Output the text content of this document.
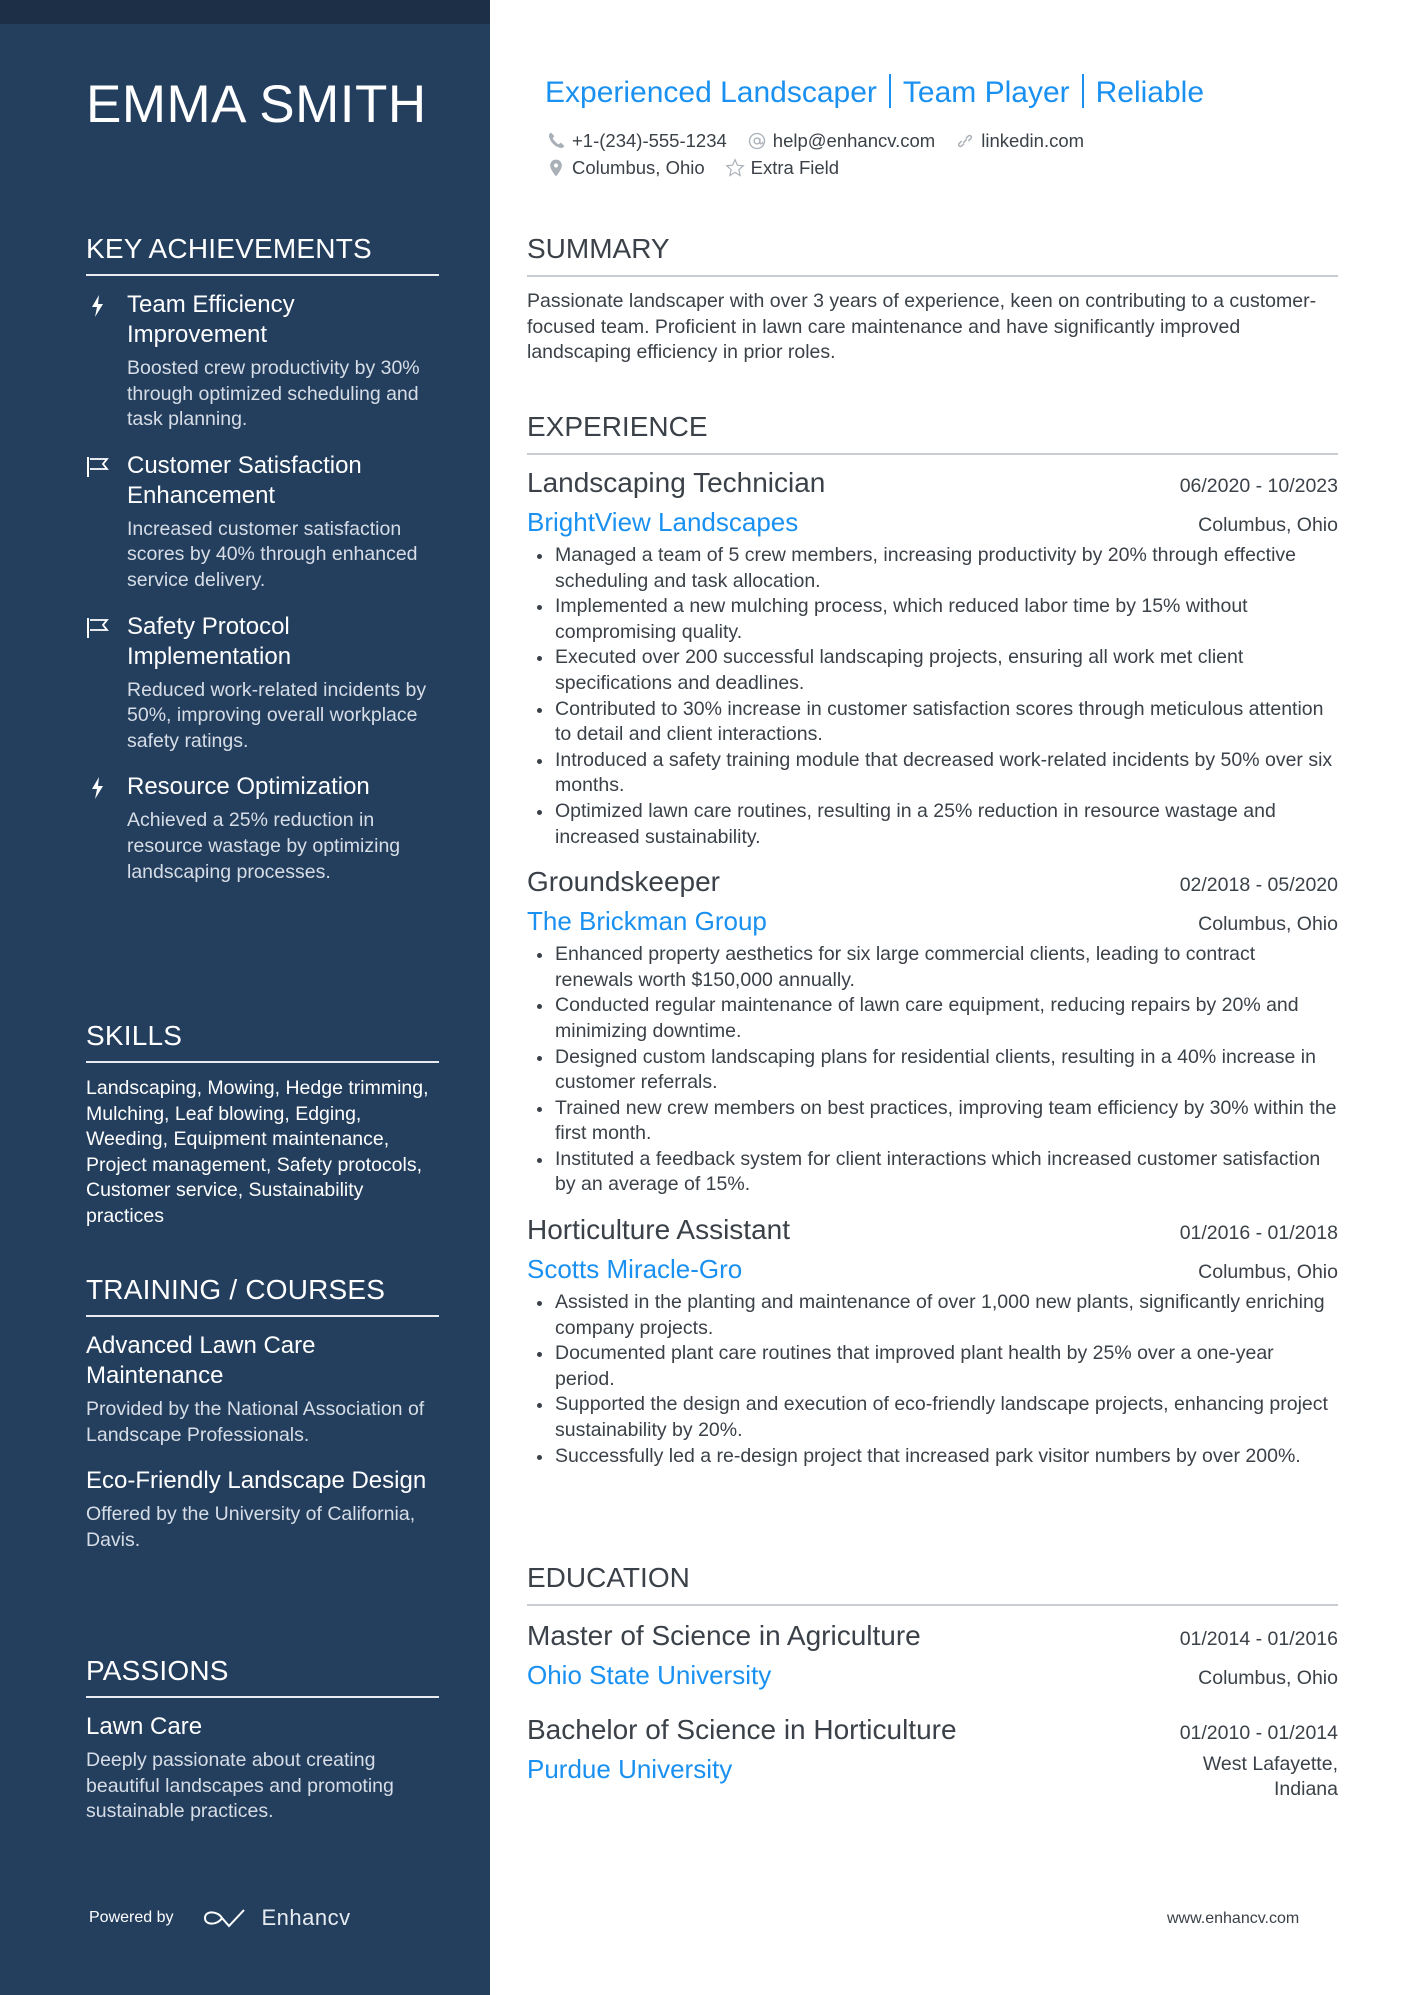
EMMA SMITH
KEY ACHIEVEMENTS
Team Efficiency Improvement
Boosted crew productivity by 30% through optimized scheduling and task planning.
Customer Satisfaction Enhancement
Increased customer satisfaction scores by 40% through enhanced service delivery.
Safety Protocol Implementation
Reduced work-related incidents by 50%, improving overall workplace safety ratings.
Resource Optimization
Achieved a 25% reduction in resource wastage by optimizing landscaping processes.
SKILLS
Landscaping, Mowing, Hedge trimming, Mulching, Leaf blowing, Edging, Weeding, Equipment maintenance, Project management, Safety protocols, Customer service, Sustainability practices
TRAINING / COURSES
Advanced Lawn Care Maintenance
Provided by the National Association of Landscape Professionals.
Eco-Friendly Landscape Design
Offered by the University of California, Davis.
PASSIONS
Lawn Care
Deeply passionate about creating beautiful landscapes and promoting sustainable practices.
Powered by	Enhancv
Experienced Landscaper Team Player Reliable
+1-(234)-555-1234 help@enhancv.com linkedin.com
Columbus, Ohio Extra Field
SUMMARY
Passionate landscaper with over 3 years of experience, keen on contributing to a customer-focused team. Proficient in lawn care maintenance and have significantly improved landscaping efficiency in prior roles.
EXPERIENCE
Landscaping Technician	06/2020 - 10/2023
BrightView Landscapes	Columbus, Ohio
Managed a team of 5 crew members, increasing productivity by 20% through effective scheduling and task allocation.
Implemented a new mulching process, which reduced labor time by 15% without compromising quality.
Executed over 200 successful landscaping projects, ensuring all work met client specifications and deadlines.
Contributed to 30% increase in customer satisfaction scores through meticulous attention to detail and client interactions.
Introduced a safety training module that decreased work-related incidents by 50% over six months.
Optimized lawn care routines, resulting in a 25% reduction in resource wastage and increased sustainability.
Groundskeeper	02/2018 - 05/2020
The Brickman Group	Columbus, Ohio
Enhanced property aesthetics for six large commercial clients, leading to contract renewals worth $150,000 annually.
Conducted regular maintenance of lawn care equipment, reducing repairs by 20% and minimizing downtime.
Designed custom landscaping plans for residential clients, resulting in a 40% increase in customer referrals.
Trained new crew members on best practices, improving team efficiency by 30% within the first month.
Instituted a feedback system for client interactions which increased customer satisfaction by an average of 15%.
Horticulture Assistant	01/2016 - 01/2018
Scotts Miracle-Gro	Columbus, Ohio
Assisted in the planting and maintenance of over 1,000 new plants, significantly enriching company projects.
Documented plant care routines that improved plant health by 25% over a one-year period.
Supported the design and execution of eco-friendly landscape projects, enhancing project sustainability by 20%.
Successfully led a re-design project that increased park visitor numbers by over 200%.
EDUCATION
Master of Science in Agriculture	01/2014 - 01/2016
Ohio State University	Columbus, Ohio
Bachelor of Science in Horticulture	01/2010 - 01/2014
Purdue University	West Lafayette, Indiana
www.enhancv.com
